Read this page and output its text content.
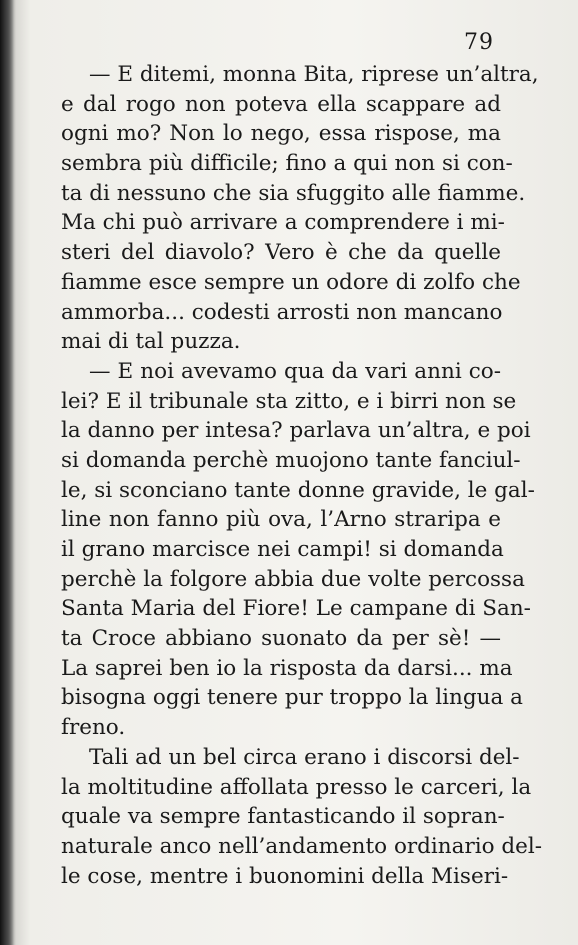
79
— E ditemi, monna Bita, riprese un’altra,
e dal rogo non poteva ella scappare ad
ogni mo? Non lo nego, essa rispose, ma
sembra più difficile; fino a qui non si con-
ta di nessuno che sia sfuggito alle fiamme.
Ma chi può arrivare a comprendere i mi-
steri del diavolo? Vero è che da quelle
fiamme esce sempre un odore di zolfo che
ammorba... codesti arrosti non mancano
mai di tal puzza.
— E noi avevamo qua da vari anni co-
lei? E il tribunale sta zitto, e i birri non se
la danno per intesa? parlava un’altra, e poi
si domanda perchè muojono tante fanciul-
le, si sconciano tante donne gravide, le gal-
line non fanno più ova, l’Arno straripa e
il grano marcisce nei campi! si domanda
perchè la folgore abbia due volte percossa
Santa Maria del Fiore! Le campane di San-
ta Croce abbiano suonato da per sè! —
La saprei ben io la risposta da darsi... ma
bisogna oggi tenere pur troppo la lingua a
freno.
Tali ad un bel circa erano i discorsi del-
la moltitudine affollata presso le carceri, la
quale va sempre fantasticando il sopran-
naturale anco nell’andamento ordinario del-
le cose, mentre i buonomini della Miseri-
